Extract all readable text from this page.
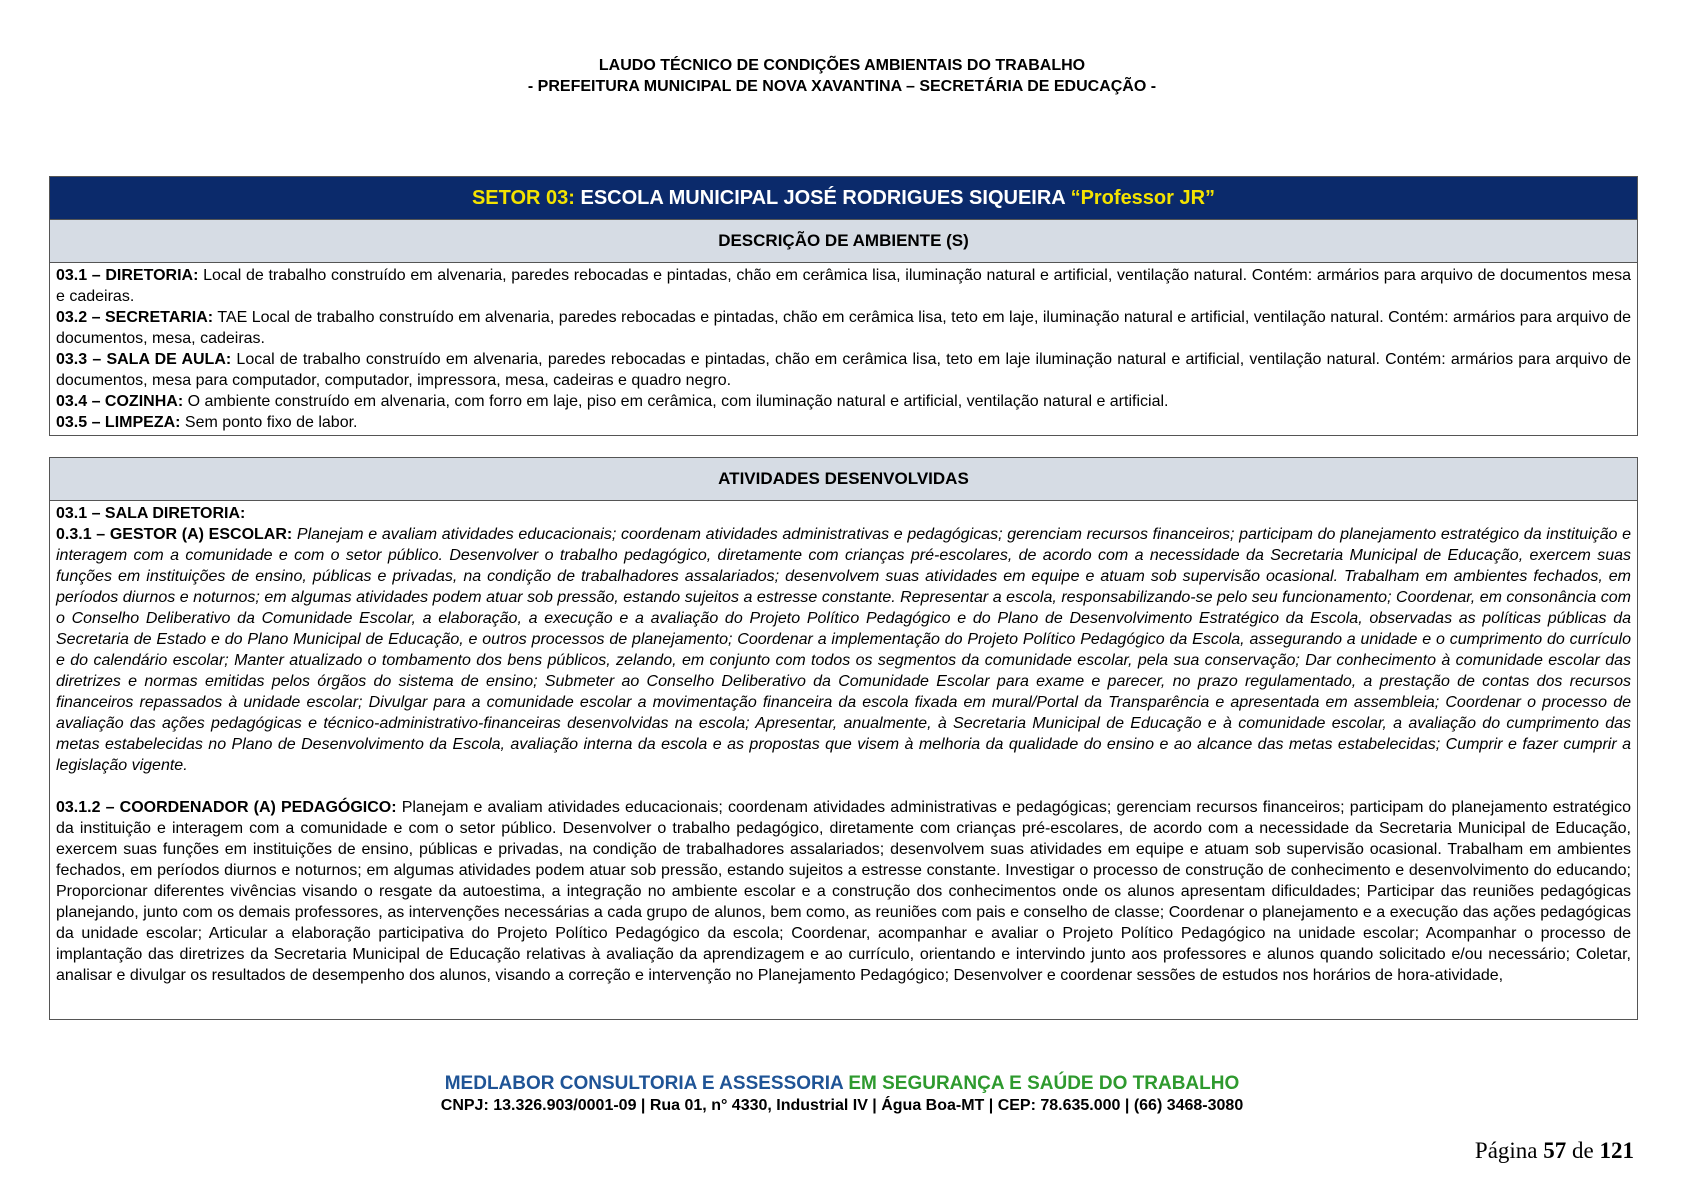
LAUDO TÉCNICO DE CONDIÇÕES AMBIENTAIS DO TRABALHO
- PREFEITURA MUNICIPAL DE NOVA XAVANTINA – SECRETÁRIA DE EDUCAÇÃO -
SETOR 03: ESCOLA MUNICIPAL JOSÉ RODRIGUES SIQUEIRA “Professor JR”
DESCRIÇÃO DE AMBIENTE (S)

03.1 – DIRETORIA: Local de trabalho construído em alvenaria, paredes rebocadas e pintadas, chão em cerâmica lisa, iluminação natural e artificial, ventilação natural. Contém: armários para arquivo de documentos mesa e cadeiras.

03.2 – SECRETARIA: TAE Local de trabalho construído em alvenaria, paredes rebocadas e pintadas, chão em cerâmica lisa, teto em laje, iluminação natural e artificial, ventilação natural. Contém: armários para arquivo de documentos, mesa, cadeiras.

03.3 – SALA DE AULA: Local de trabalho construído em alvenaria, paredes rebocadas e pintadas, chão em cerâmica lisa, teto em laje iluminação natural e artificial, ventilação natural. Contém: armários para arquivo de documentos, mesa para computador, computador, impressora, mesa, cadeiras e quadro negro.

03.4 – COZINHA: O ambiente construído em alvenaria, com forro em laje, piso em cerâmica, com iluminação natural e artificial, ventilação natural e artificial.

03.5 – LIMPEZA: Sem ponto fixo de labor.

ATIVIDADES DESENVOLVIDAS

03.1 – SALA DIRETORIA:

0.3.1 – GESTOR (A) ESCOLAR: Planejam e avaliam atividades educacionais; coordenam atividades administrativas e pedagógicas; gerenciam recursos financeiros; participam do planejamento estratégico da instituição e interagem com a comunidade e com o setor público. Desenvolver o trabalho pedagógico, diretamente com crianças pré-escolares, de acordo com a necessidade da Secretaria Municipal de Educação, exercem suas funções em instituições de ensino, públicas e privadas, na condição de trabalhadores assalariados; desenvolvem suas atividades em equipe e atuam sob supervisão ocasional. Trabalham em ambientes fechados, em períodos diurnos e noturnos; em algumas atividades podem atuar sob pressão, estando sujeitos a estresse constante. Representar a escola, responsabilizando-se pelo seu funcionamento; Coordenar, em consonância com o Conselho Deliberativo da Comunidade Escolar, a elaboração, a execução e a avaliação do Projeto Político Pedagógico e do Plano de Desenvolvimento Estratégico da Escola, observadas as políticas públicas da Secretaria de Estado e do Plano Municipal de Educação, e outros processos de planejamento; Coordenar a implementação do Projeto Político Pedagógico da Escola, assegurando a unidade e o cumprimento do currículo e do calendário escolar; Manter atualizado o tombamento dos bens públicos, zelando, em conjunto com todos os segmentos da comunidade escolar, pela sua conservação; Dar conhecimento à comunidade escolar das diretrizes e normas emitidas pelos órgãos do sistema de ensino; Submeter ao Conselho Deliberativo da Comunidade Escolar para exame e parecer, no prazo regulamentado, a prestação de contas dos recursos financeiros repassados à unidade escolar; Divulgar para a comunidade escolar a movimentação financeira da escola fixada em mural/Portal da Transparência e apresentada em assembleia; Coordenar o processo de avaliação das ações pedagógicas e técnico-administrativo-financeiras desenvolvidas na escola; Apresentar, anualmente, à Secretaria Municipal de Educação e à comunidade escolar, a avaliação do cumprimento das metas estabelecidas no Plano de Desenvolvimento da Escola, avaliação interna da escola e as propostas que visem à melhoria da qualidade do ensino e ao alcance das metas estabelecidas; Cumprir e fazer cumprir a legislação vigente.

03.1.2 – COORDENADOR (A) PEDAGÓGICO: Planejam e avaliam atividades educacionais; coordenam atividades administrativas e pedagógicas; gerenciam recursos financeiros; participam do planejamento estratégico da instituição e interagem com a comunidade e com o setor público. Desenvolver o trabalho pedagógico, diretamente com crianças pré-escolares, de acordo com a necessidade da Secretaria Municipal de Educação, exercem suas funções em instituições de ensino, públicas e privadas, na condição de trabalhadores assalariados; desenvolvem suas atividades em equipe e atuam sob supervisão ocasional. Trabalham em ambientes fechados, em períodos diurnos e noturnos; em algumas atividades podem atuar sob pressão, estando sujeitos a estresse constante. Investigar o processo de construção de conhecimento e desenvolvimento do educando; Proporcionar diferentes vivências visando o resgate da autoestima, a integração no ambiente escolar e a construção dos conhecimentos onde os alunos apresentam dificuldades; Participar das reuniões pedagógicas planejando, junto com os demais professores, as intervenções necessárias a cada grupo de alunos, bem como, as reuniões com pais e conselho de classe; Coordenar o planejamento e a execução das ações pedagógicas da unidade escolar; Articular a elaboração participativa do Projeto Político Pedagógico da escola; Coordenar, acompanhar e avaliar o Projeto Político Pedagógico na unidade escolar; Acompanhar o processo de implantação das diretrizes da Secretaria Municipal de Educação relativas à avaliação da aprendizagem e ao currículo, orientando e intervindo junto aos professores e alunos quando solicitado e/ou necessário; Coletar, analisar e divulgar os resultados de desempenho dos alunos, visando a correção e intervenção no Planejamento Pedagógico; Desenvolver e coordenar sessões de estudos nos horários de hora-atividade,

MEDLABOR CONSULTORIA E ASSESSORIA EM SEGURANÇA E SAÚDE DO TRABALHO
CNPJ: 13.326.903/0001-09 | Rua 01, n° 4330, Industrial IV | Água Boa-MT | CEP: 78.635.000 | (66) 3468-3080
Página 57 de 121
